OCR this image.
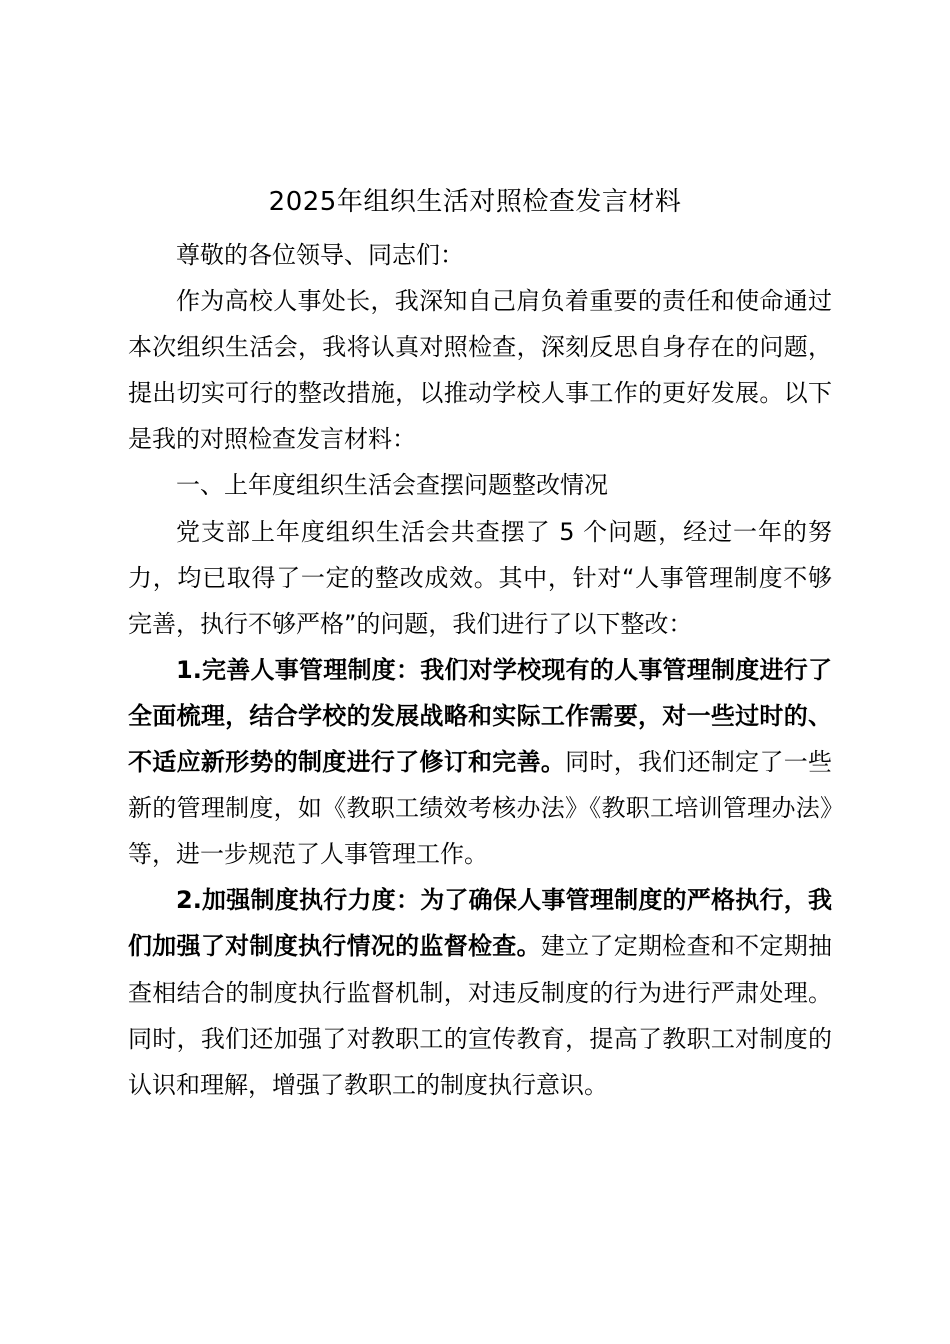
2025年组织生活对照检查发言材料

尊敬的各位领导、同志们：

作为高校人事处长，我深知自己肩负着重要的责任和使命通过本次组织生活会，我将认真对照检查，深刻反思自身存在的问题，提出切实可行的整改措施，以推动学校人事工作的更好发展。以下是我的对照检查发言材料：

一、上年度组织生活会查摆问题整改情况

党支部上年度组织生活会共查摆了 5 个问题，经过一年的努力，均已取得了一定的整改成效。其中，针对“人事管理制度不够完善，执行不够严格”的问题，我们进行了以下整改：

1.完善人事管理制度：我们对学校现有的人事管理制度进行了全面梳理，结合学校的发展战略和实际工作需要，对一些过时的、不适应新形势的制度进行了修订和完善。同时，我们还制定了一些新的管理制度，如《教职工绩效考核办法》《教职工培训管理办法》等，进一步规范了人事管理工作。

2.加强制度执行力度：为了确保人事管理制度的严格执行，我们加强了对制度执行情况的监督检查。建立了定期检查和不定期抽查相结合的制度执行监督机制，对违反制度的行为进行严肃处理。同时，我们还加强了对教职工的宣传教育，提高了教职工对制度的认识和理解，增强了教职工的制度执行意识。
